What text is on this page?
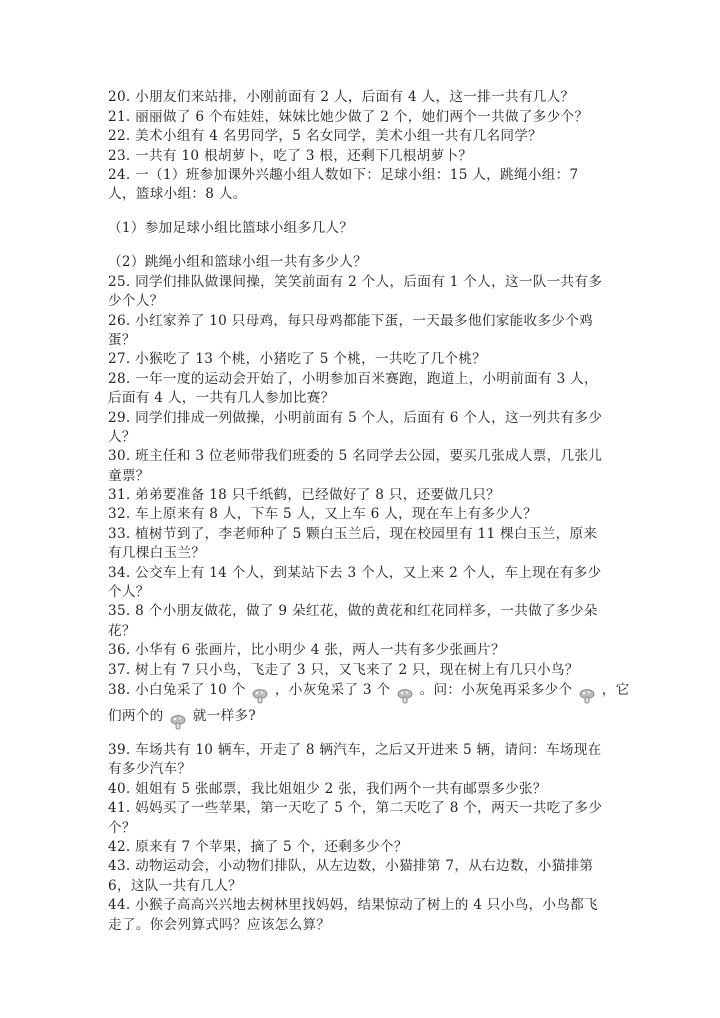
20. 小朋友们来站排，小刚前面有 2 人，后面有 4 人，这一排一共有几人？
21. 丽丽做了 6 个布娃娃，妹妹比她少做了 2 个，她们两个一共做了多少个？
22. 美术小组有 4 名男同学，5 名女同学，美术小组一共有几名同学？
23. 一共有 10 根胡萝卜，吃了 3 根，还剩下几根胡萝卜？
24. 一（1）班参加课外兴趣小组人数如下：足球小组：15 人，跳绳小组：7
人，篮球小组：8 人。
（1）参加足球小组比篮球小组多几人？
（2）跳绳小组和篮球小组一共有多少人？
25. 同学们排队做课间操，笑笑前面有 2 个人，后面有 1 个人，这一队一共有多
少个人？
26. 小红家养了 10 只母鸡，每只母鸡都能下蛋，一天最多他们家能收多少个鸡
蛋？
27. 小猴吃了 13 个桃，小猪吃了 5 个桃，一共吃了几个桃？
28. 一年一度的运动会开始了，小明参加百米赛跑，跑道上，小明前面有 3 人，
后面有 4 人，一共有几人参加比赛？
29. 同学们排成一列做操，小明前面有 5 个人，后面有 6 个人，这一列共有多少
人？
30. 班主任和 3 位老师带我们班委的 5 名同学去公园，要买几张成人票，几张儿
童票？
31. 弟弟要准备 18 只千纸鹤，已经做好了 8 只，还要做几只？
32. 车上原来有 8 人，下车 5 人，又上车 6 人，现在车上有多少人？
33. 植树节到了，李老师种了 5 颗白玉兰后，现在校园里有 11 棵白玉兰，原来
有几棵白玉兰？
34. 公交车上有 14 个人，到某站下去 3 个人，又上来 2 个人，车上现在有多少
个人？
35. 8 个小朋友做花，做了 9 朵红花，做的黄花和红花同样多，一共做了多少朵
花？
36. 小华有 6 张画片，比小明少 4 张，两人一共有多少张画片？
37. 树上有 7 只小鸟，飞走了 3 只，又飞来了 2 只，现在树上有几只小鸟？
38. 小白兔采了 10 个 ，小灰兔采了 3 个 。问：小灰兔再采多少个 ，它
们两个的 就一样多?
39. 车场共有 10 辆车，开走了 8 辆汽车，之后又开进来 5 辆，请问：车场现在
有多少汽车？
40. 姐姐有 5 张邮票，我比姐姐少 2 张，我们两个一共有邮票多少张？
41. 妈妈买了一些苹果，第一天吃了 5 个，第二天吃了 8 个，两天一共吃了多少
个？
42. 原来有 7 个苹果，摘了 5 个，还剩多少个？
43. 动物运动会，小动物们排队，从左边数，小猫排第 7，从右边数，小猫排第
6，这队一共有几人？
44. 小猴子高高兴兴地去树林里找妈妈，结果惊动了树上的 4 只小鸟，小鸟都飞
走了。你会列算式吗？应该怎么算？
